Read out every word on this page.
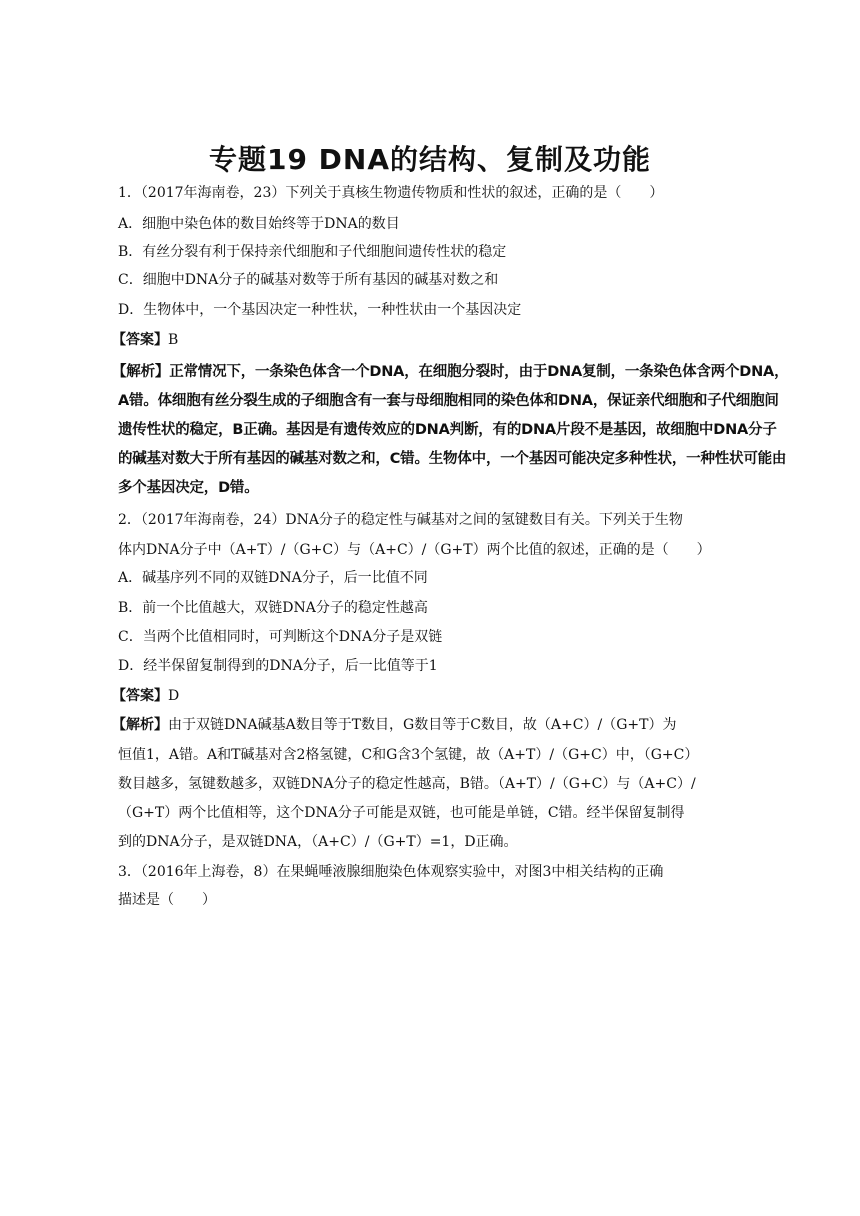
专题19 DNA的结构、复制及功能
1．（2017年海南卷，23）下列关于真核生物遗传物质和性状的叙述，正确的是（　　）
A．细胞中染色体的数目始终等于DNA的数目
B．有丝分裂有利于保持亲代细胞和子代细胞间遗传性状的稳定
C．细胞中DNA分子的碱基对数等于所有基因的碱基对数之和
D．生物体中，一个基因决定一种性状，一种性状由一个基因决定
【答案】B
【解析】正常情况下，一条染色体含一个DNA，在细胞分裂时，由于DNA复制，一条染色体含两个DNA，
A错。体细胞有丝分裂生成的子细胞含有一套与母细胞相同的染色体和DNA，保证亲代细胞和子代细胞间
遗传性状的稳定，B正确。基因是有遗传效应的DNA判断，有的DNA片段不是基因，故细胞中DNA分子
的碱基对数大于所有基因的碱基对数之和，C错。生物体中，一个基因可能决定多种性状，一种性状可能由
多个基因决定，D错。
2．（2017年海南卷，24）DNA分子的稳定性与碱基对之间的氢键数目有关。下列关于生物
体内DNA分子中（A+T）/（G+C）与（A+C）/（G+T）两个比值的叙述，正确的是（　　）
A．碱基序列不同的双链DNA分子，后一比值不同
B．前一个比值越大，双链DNA分子的稳定性越高
C．当两个比值相同时，可判断这个DNA分子是双链
D．经半保留复制得到的DNA分子，后一比值等于1
【答案】D
【解析】由于双链DNA碱基A数目等于T数目，G数目等于C数目，故（A+C）/（G+T）为
恒值1，A错。A和T碱基对含2格氢键，C和G含3个氢键，故（A+T）/（G+C）中，（G+C）
数目越多，氢键数越多，双链DNA分子的稳定性越高，B错。（A+T）/（G+C）与（A+C）/
（G+T）两个比值相等，这个DNA分子可能是双链，也可能是单链，C错。经半保留复制得
到的DNA分子，是双链DNA，（A+C）/（G+T）=1，D正确。
3．（2016年上海卷，8）在果蝇唾液腺细胞染色体观察实验中，对图3中相关结构的正确
描述是（　　）
